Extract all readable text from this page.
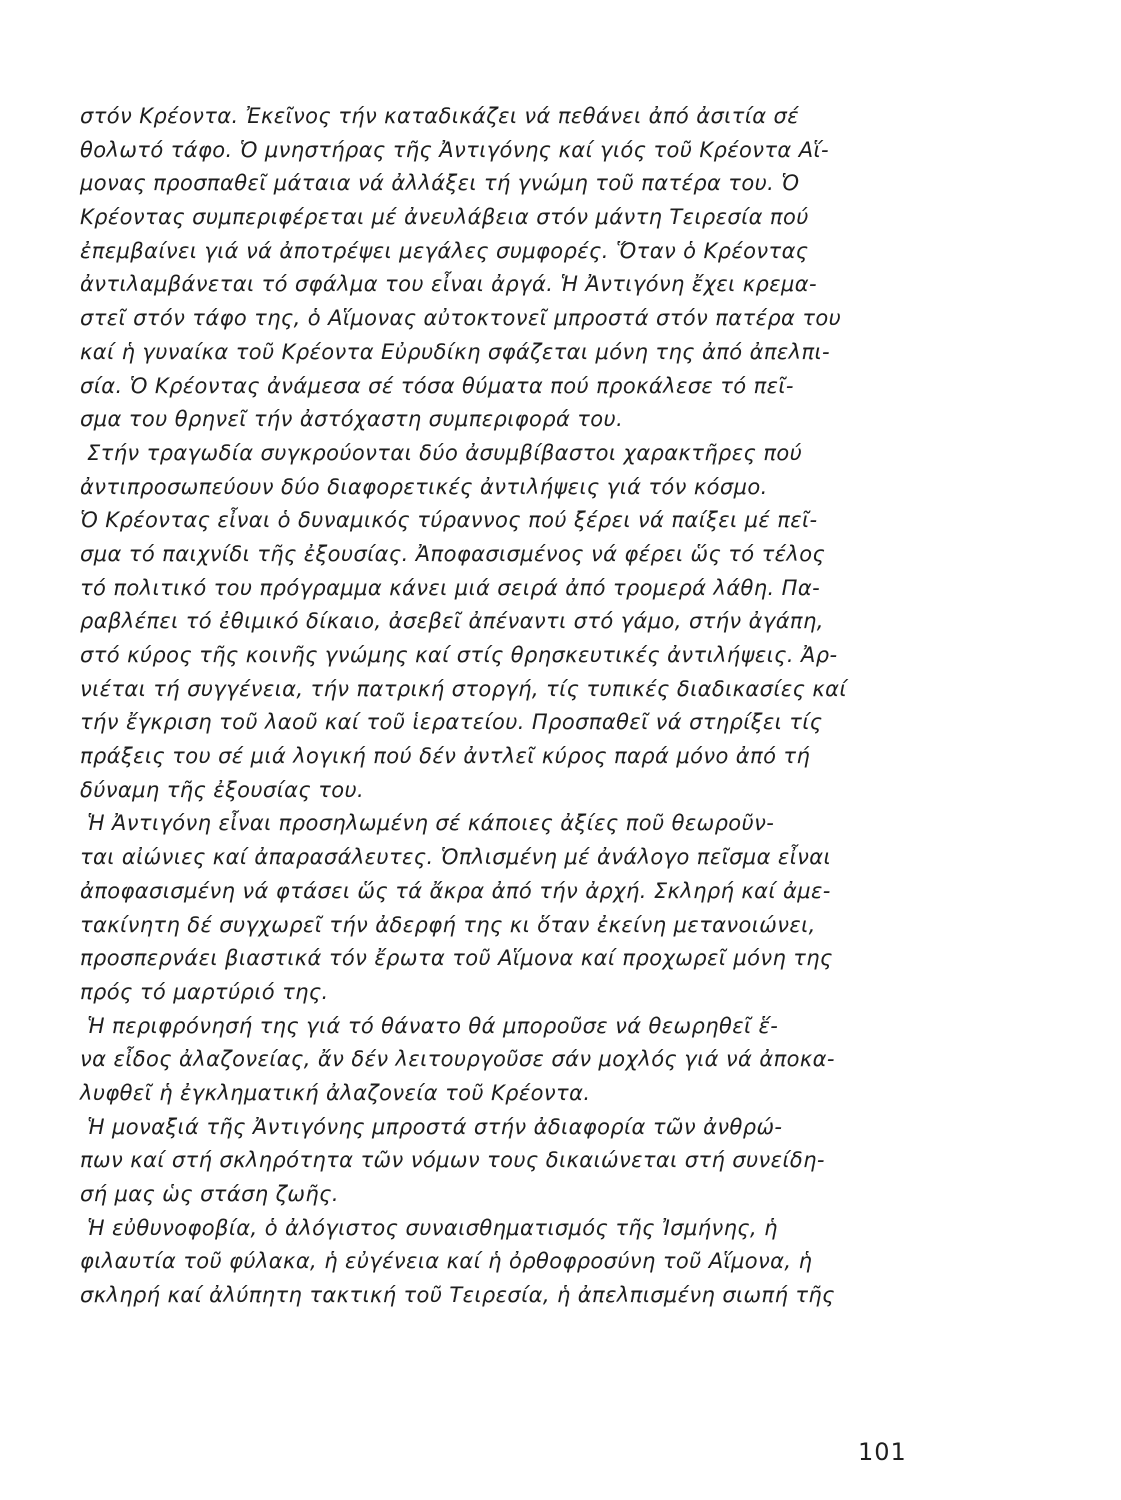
στόν Κρέοντα. Ἐκεῖνος τήν καταδικάζει νά πεθάνει ἀπό ἀσιτία σέ
θολωτό τάφο. Ὁ μνηστήρας τῆς Ἀντιγόνης καί γιός τοῦ Κρέοντα Αἵ-
μονας προσπαθεῖ μάταια νά ἀλλάξει τή γνώμη τοῦ πατέρα του. Ὁ
Κρέοντας συμπεριφέρεται μέ ἀνευλάβεια στόν μάντη Τειρεσία πού
ἐπεμβαίνει γιά νά ἀποτρέψει μεγάλες συμφορές. Ὅταν ὁ Κρέοντας
ἀντιλαμβάνεται τό σφάλμα του εἶναι ἀργά. Ἡ Ἀντιγόνη ἔχει κρεμα-
στεῖ στόν τάφο της, ὁ Αἵμονας αὐτοκτονεῖ μπροστά στόν πατέρα του
καί ἡ γυναίκα τοῦ Κρέοντα Εὐρυδίκη σφάζεται μόνη της ἀπό ἀπελπι-
σία. Ὁ Κρέοντας ἀνάμεσα σέ τόσα θύματα πού προκάλεσε τό πεῖ-
σμα του θρηνεῖ τήν ἀστόχαστη συμπεριφορά του.
Στήν τραγωδία συγκρούονται δύο ἀσυμβίβαστοι χαρακτῆρες πού
ἀντιπροσωπεύουν δύο διαφορετικές ἀντιλήψεις γιά τόν κόσμο.
Ὁ Κρέοντας εἶναι ὁ δυναμικός τύραννος πού ξέρει νά παίξει μέ πεῖ-
σμα τό παιχνίδι τῆς ἐξουσίας. Ἀποφασισμένος νά φέρει ὥς τό τέλος
τό πολιτικό του πρόγραμμα κάνει μιά σειρά ἀπό τρομερά λάθη. Πα-
ραβλέπει τό ἐθιμικό δίκαιο, ἀσεβεῖ ἀπέναντι στό γάμο, στήν ἀγάπη,
στό κύρος τῆς κοινῆς γνώμης καί στίς θρησκευτικές ἀντιλήψεις. Ἀρ-
νιέται τή συγγένεια, τήν πατρική στοργή, τίς τυπικές διαδικασίες καί
τήν ἔγκριση τοῦ λαοῦ καί τοῦ ἱερατείου. Προσπαθεῖ νά στηρίξει τίς
πράξεις του σέ μιά λογική πού δέν ἀντλεῖ κύρος παρά μόνο ἀπό τή
δύναμη τῆς ἐξουσίας του.
Ἡ Ἀντιγόνη εἶναι προσηλωμένη σέ κάποιες ἀξίες ποῦ θεωροῦν-
ται αἰώνιες καί ἀπαρασάλευτες. Ὁπλισμένη μέ ἀνάλογο πεῖσμα εἶναι
ἀποφασισμένη νά φτάσει ὥς τά ἄκρα ἀπό τήν ἀρχή. Σκληρή καί ἀμε-
τακίνητη δέ συγχωρεῖ τήν ἀδερφή της κι ὅταν ἐκείνη μετανοιώνει,
προσπερνάει βιαστικά τόν ἔρωτα τοῦ Αἵμονα καί προχωρεῖ μόνη της
πρός τό μαρτύριό της.
Ἡ περιφρόνησή της γιά τό θάνατο θά μποροῦσε νά θεωρηθεῖ ἕ-
να εἶδος ἀλαζονείας, ἄν δέν λειτουργοῦσε σάν μοχλός γιά νά ἀποκα-
λυφθεῖ ἡ ἐγκληματική ἀλαζονεία τοῦ Κρέοντα.
Ἡ μοναξιά τῆς Ἀντιγόνης μπροστά στήν ἀδιαφορία τῶν ἀνθρώ-
πων καί στή σκληρότητα τῶν νόμων τους δικαιώνεται στή συνείδη-
σή μας ὡς στάση ζωῆς.
Ἡ εὐθυνοφοβία, ὁ ἀλόγιστος συναισθηματισμός τῆς Ἰσμήνης, ἡ
φιλαυτία τοῦ φύλακα, ἡ εὐγένεια καί ἡ ὀρθοφροσύνη τοῦ Αἵμονα, ἡ
σκληρή καί ἀλύπητη τακτική τοῦ Τειρεσία, ἡ ἀπελπισμένη σιωπή τῆς
101
